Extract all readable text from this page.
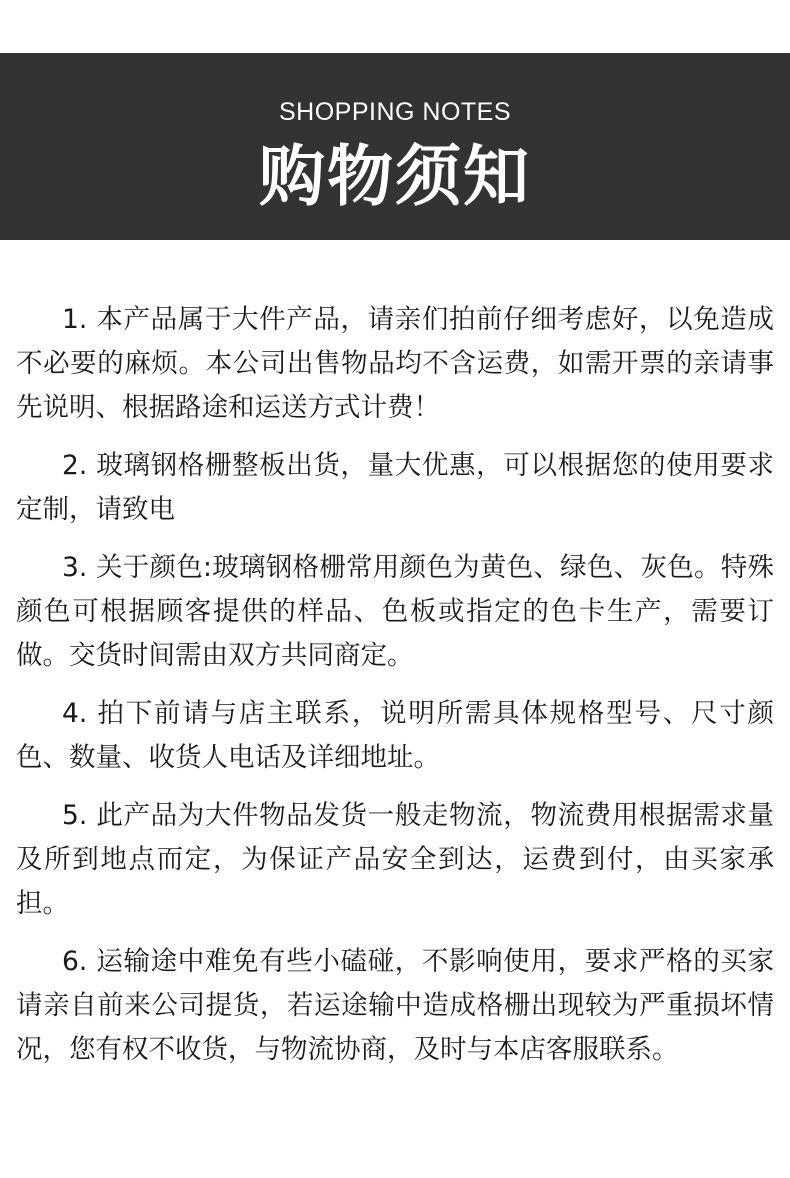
SHOPPING NOTES
购物须知

1. 本产品属于大件产品，请亲们拍前仔细考虑好，以免造成不必要的麻烦。本公司出售物品均不含运费，如需开票的亲请事先说明、根据路途和运送方式计费！

2. 玻璃钢格栅整板出货，量大优惠，可以根据您的使用要求定制，请致电

3. 关于颜色:玻璃钢格栅常用颜色为黄色、绿色、灰色。特殊颜色可根据顾客提供的样品、色板或指定的色卡生产，需要订做。交货时间需由双方共同商定。

4. 拍下前请与店主联系，说明所需具体规格型号、尺寸颜色、数量、收货人电话及详细地址。

5. 此产品为大件物品发货一般走物流，物流费用根据需求量及所到地点而定，为保证产品安全到达，运费到付，由买家承担。

6. 运输途中难免有些小磕碰，不影响使用，要求严格的买家请亲自前来公司提货，若运途输中造成格栅出现较为严重损坏情况，您有权不收货，与物流协商，及时与本店客服联系。
